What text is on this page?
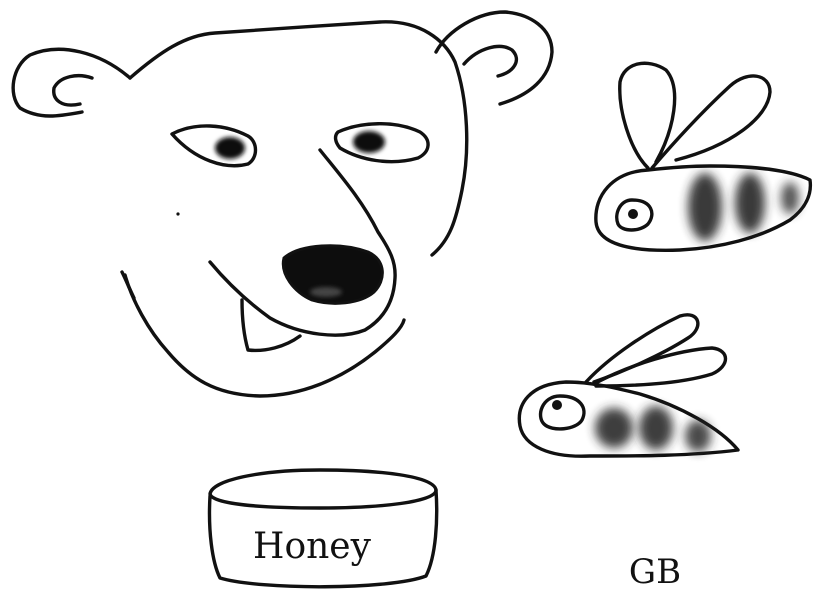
Honey
GB
